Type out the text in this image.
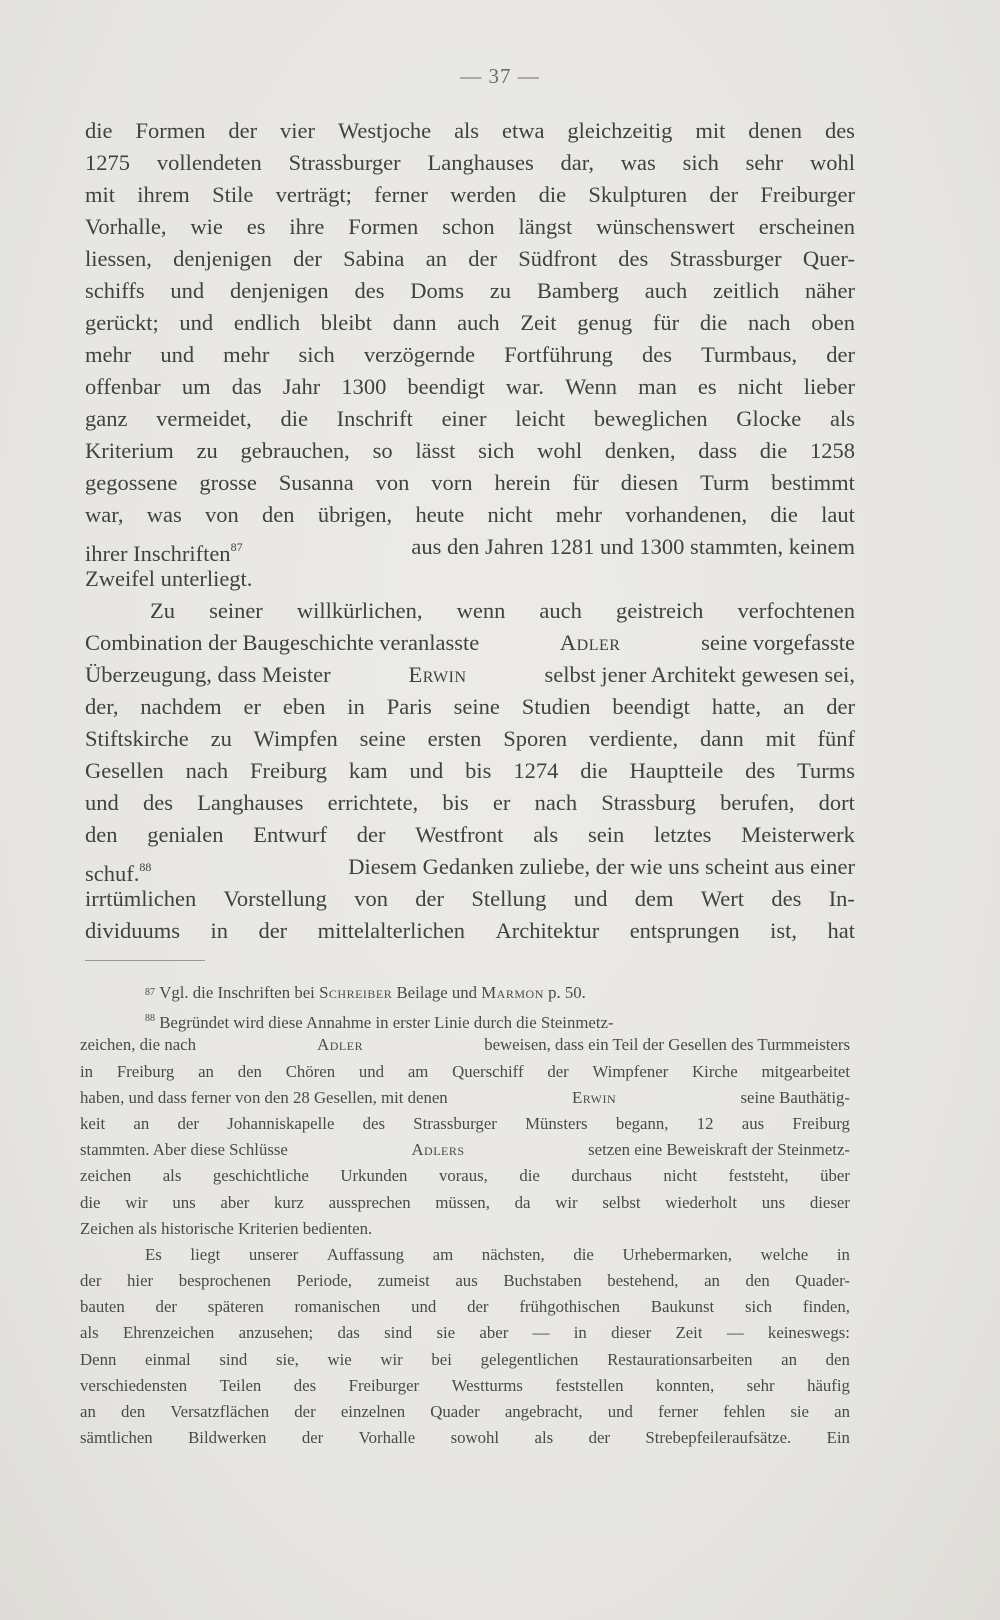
— 37 —
die Formen der vier Westjoche als etwa gleichzeitig mit denen des
1275 vollendeten Strassburger Langhauses dar, was sich sehr wohl
mit ihrem Stile verträgt; ferner werden die Skulpturen der Freiburger
Vorhalle, wie es ihre Formen schon längst wünschenswert erscheinen
liessen, denjenigen der Sabina an der Südfront des Strassburger Quer-
schiffs und denjenigen des Doms zu Bamberg auch zeitlich näher
gerückt; und endlich bleibt dann auch Zeit genug für die nach oben
mehr und mehr sich verzögernde Fortführung des Turmbaus, der
offenbar um das Jahr 1300 beendigt war. Wenn man es nicht lieber
ganz vermeidet, die Inschrift einer leicht beweglichen Glocke als
Kriterium zu gebrauchen, so lässt sich wohl denken, dass die 1258
gegossene grosse Susanna von vorn herein für diesen Turm bestimmt
war, was von den übrigen, heute nicht mehr vorhandenen, die laut
ihrer Inschriften$^{87}$	aus den Jahren 1281 und 1300 stammten, keinem
Zweifel unterliegt.
Zu seiner willkürlichen, wenn auch geistreich verfochtenen
Combination der Baugeschichte veranlasste	Adler	seine vorgefasste
Überzeugung, dass Meister	Erwin	selbst jener Architekt gewesen sei,
der, nachdem er eben in Paris seine Studien beendigt hatte, an der
Stiftskirche zu Wimpfen seine ersten Sporen verdiente, dann mit fünf
Gesellen nach Freiburg kam und bis 1274 die Hauptteile des Turms
und des Langhauses errichtete, bis er nach Strassburg berufen, dort
den genialen Entwurf der Westfront als sein letztes Meisterwerk
schuf.$^{88}$	Diesem Gedanken zuliebe, der wie uns scheint aus einer
irrtümlichen Vorstellung von der Stellung und dem Wert des In-
dividuums in der mittelalterlichen Architektur entsprungen ist, hat
87
Vgl. die Inschriften bei
Schreiber
Beilage und
Marmon
p. 50.
$^{88}$ Begründet wird diese Annahme in erster Linie durch die Steinmetz-
zeichen, die nach	Adler	beweisen, dass ein Teil der Gesellen des Turmmeisters
in Freiburg an den Chören und am Querschiff der Wimpfener Kirche mitgearbeitet
haben, und dass ferner von den 28 Gesellen, mit denen	Erwin	seine Bauthätig-
keit an der Johanniskapelle des Strassburger Münsters begann, 12 aus Freiburg
stammten. Aber diese Schlüsse	Adlers	setzen eine Beweiskraft der Steinmetz-
zeichen als geschichtliche Urkunden voraus, die durchaus nicht feststeht, über
die wir uns aber kurz aussprechen müssen, da wir selbst wiederholt uns dieser
Zeichen als historische Kriterien bedienten.
Es liegt unserer Auffassung am nächsten, die Urhebermarken, welche in
der hier besprochenen Periode, zumeist aus Buchstaben bestehend, an den Quader-
bauten der späteren romanischen und der frühgothischen Baukunst sich finden,
als Ehrenzeichen anzusehen; das sind sie aber — in dieser Zeit — keineswegs:
Denn einmal sind sie, wie wir bei gelegentlichen Restaurationsarbeiten an den
verschiedensten Teilen des Freiburger Westturms feststellen konnten, sehr häufig
an den Versatzflächen der einzelnen Quader angebracht, und ferner fehlen sie an
sämtlichen Bildwerken der Vorhalle sowohl als der Strebepfeileraufsätze. Ein
